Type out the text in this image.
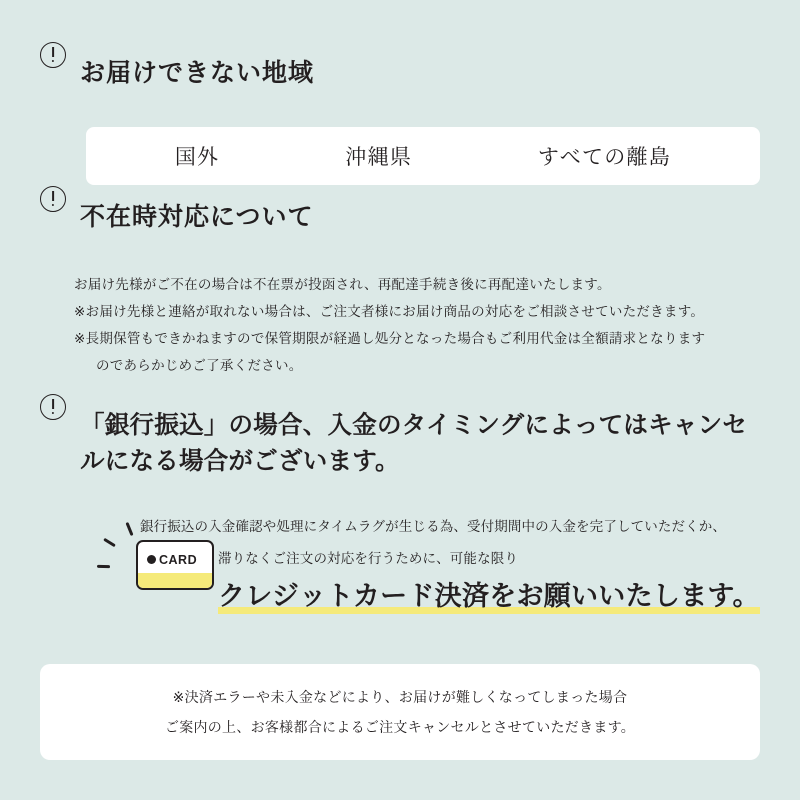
お届けできない地域
国外	沖縄県	すべての離島
不在時対応について
お届け先様がご不在の場合は不在票が投函され、再配達手続き後に再配達いたします。
※お届け先様と連絡が取れない場合は、ご注文者様にお届け商品の対応をご相談させていただきます。
※長期保管もできかねますので保管期限が経過し処分となった場合もご利用代金は全額請求となります
のであらかじめご了承ください。
「銀行振込」の場合、入金のタイミングによってはキャンセルになる場合がございます。

銀行振込の入金確認や処理にタイムラグが生じる為、受付期間中の入金を完了していただくか、

滞りなくご注文の対応を行うために、可能な限り

クレジットカード決済をお願いいたします。
CARD

※決済エラーや未入金などにより、お届けが難しくなってしまった場合

ご案内の上、お客様都合によるご注文キャンセルとさせていただきます。
